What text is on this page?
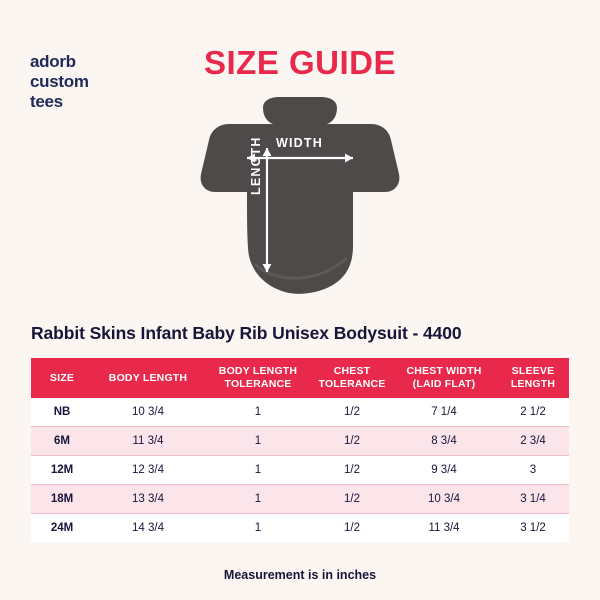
adorb
custom
tees
SIZE GUIDE
WIDTH
LENGTH
Rabbit Skins Infant Baby Rib Unisex Bodysuit - 4400
SIZE	BODY LENGTH	BODY LENGTH TOLERANCE	CHEST TOLERANCE	CHEST WIDTH (LAID FLAT)	SLEEVE LENGTH
NB	10 3/4	1	1/2	7 1/4	2 1/2
6M	11 3/4	1	1/2	8 3/4	2 3/4
12M	12 3/4	1	1/2	9 3/4	3
18M	13 3/4	1	1/2	10 3/4	3 1/4
24M	14 3/4	1	1/2	11 3/4	3 1/2
Measurement is in inches
